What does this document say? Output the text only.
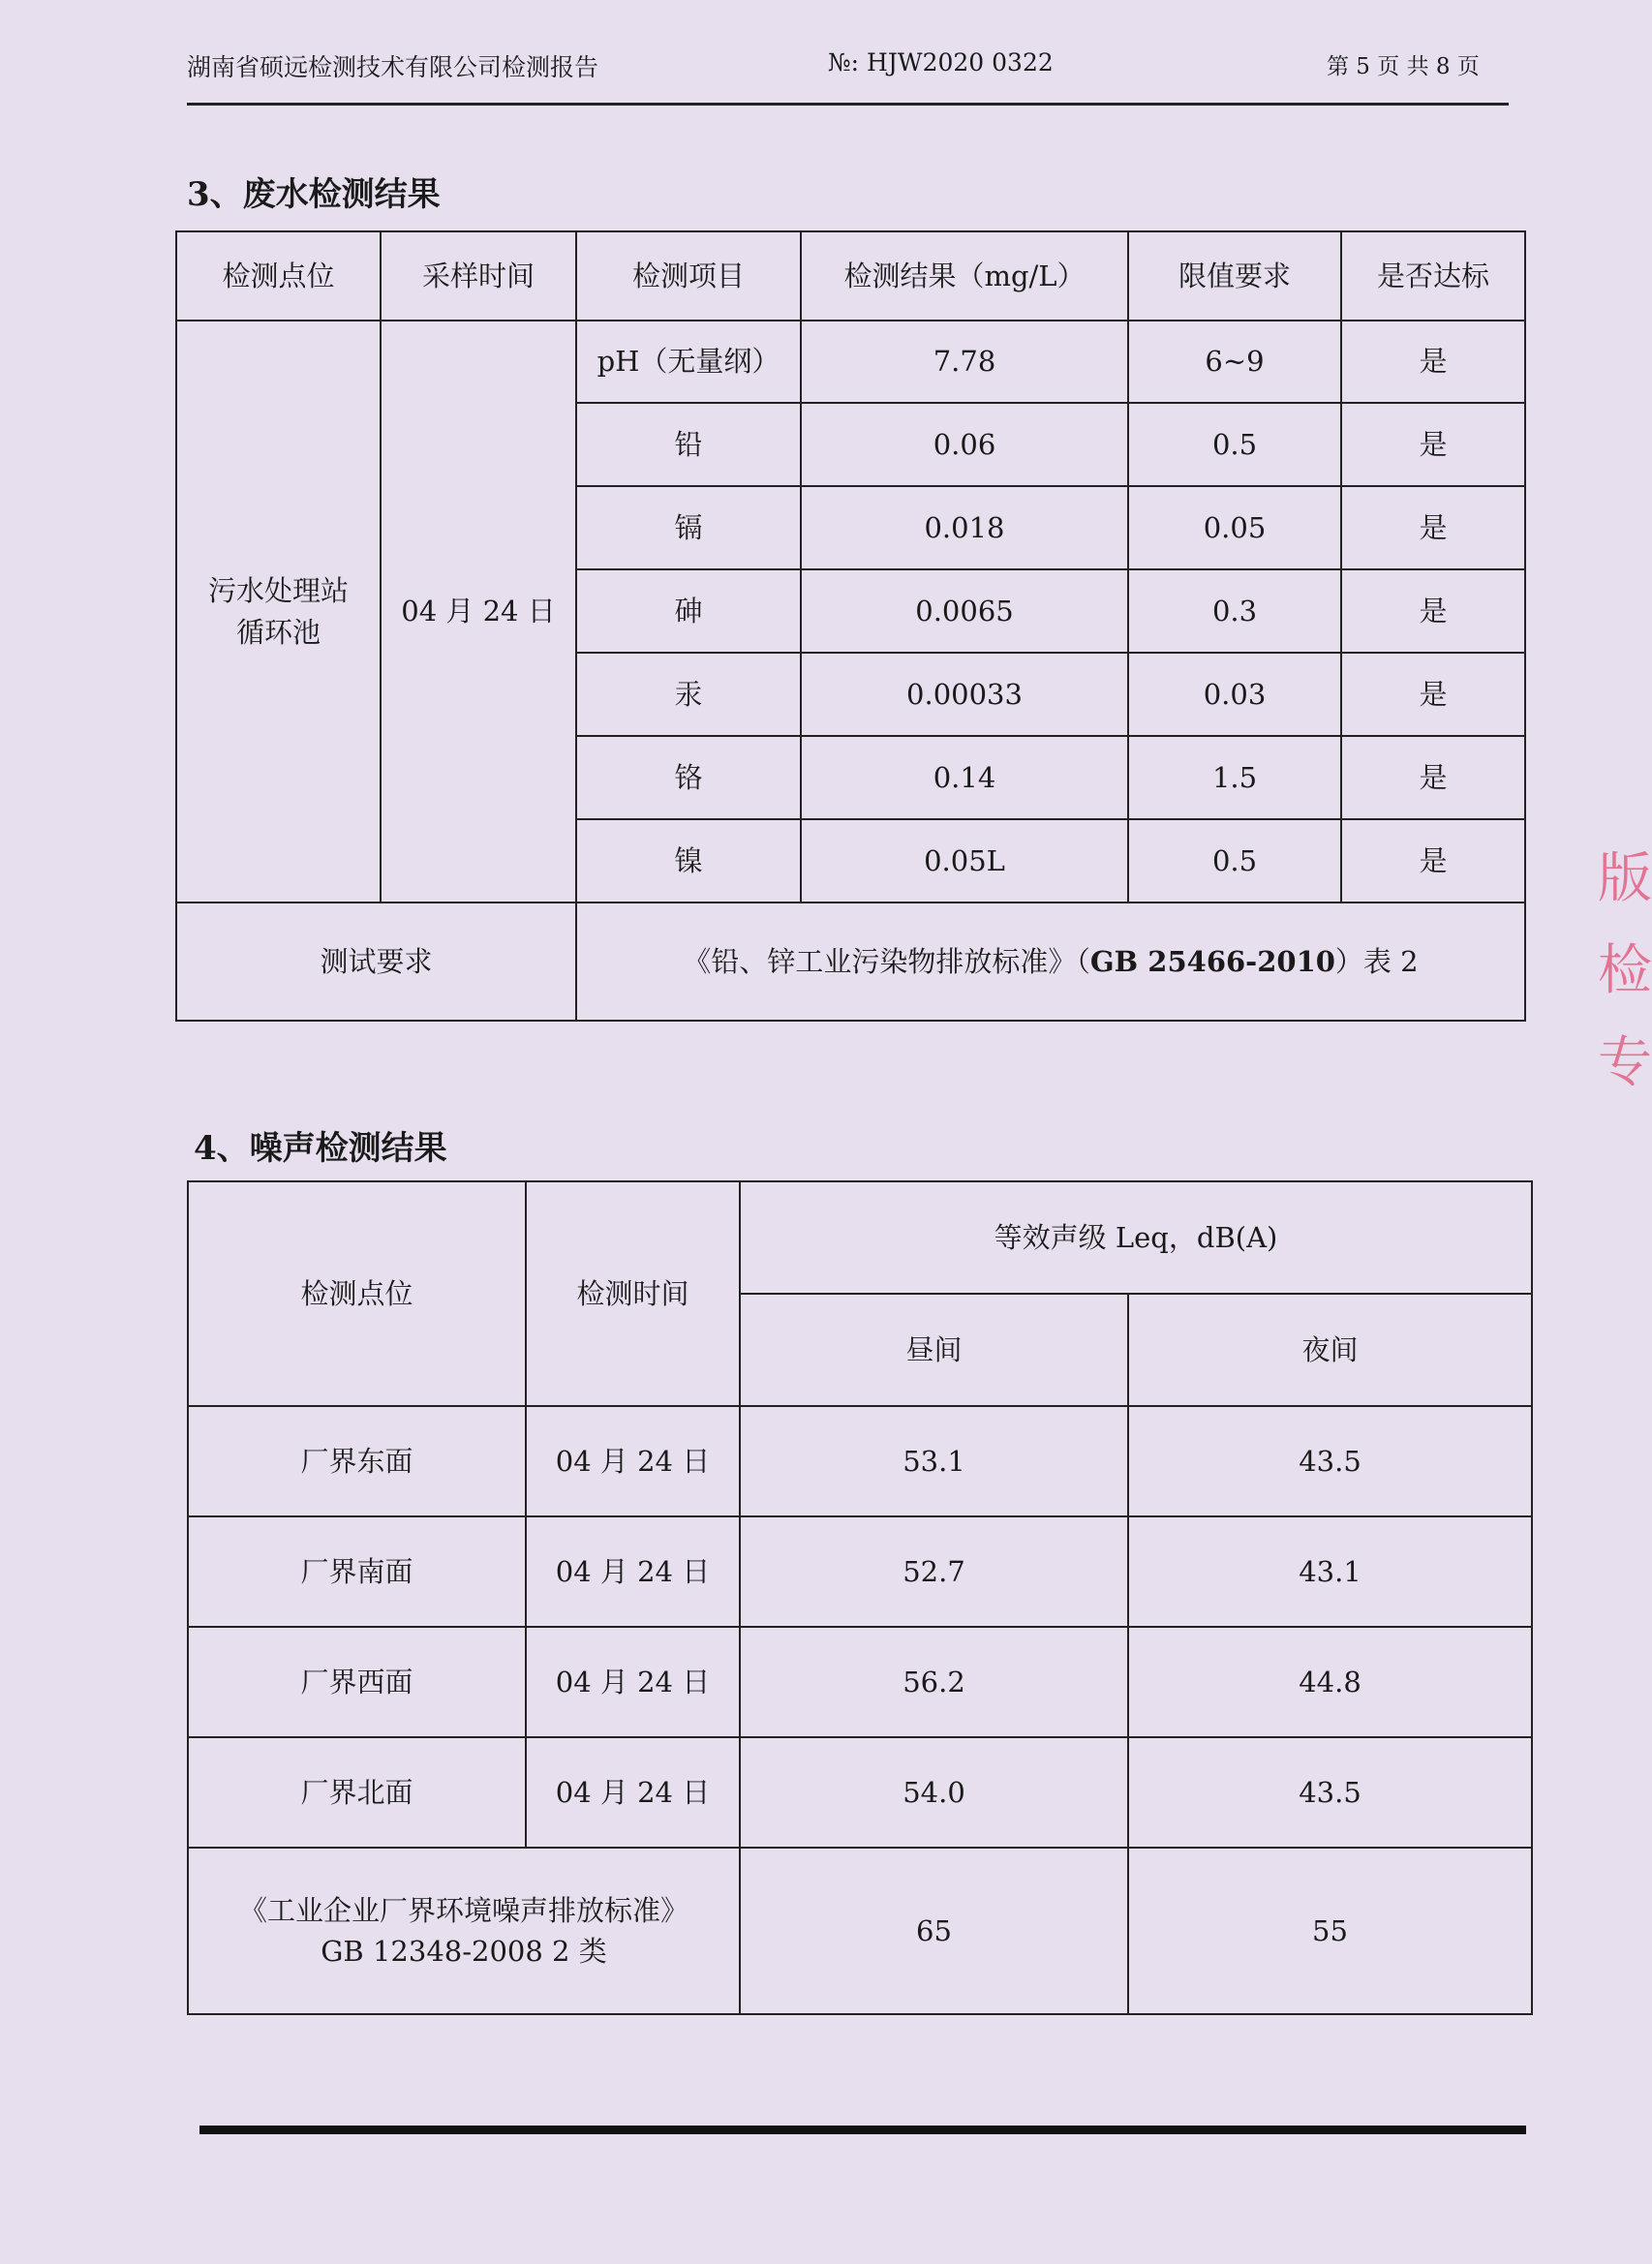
湖南省硕远检测技术有限公司检测报告	№: HJW2020 0322	第 5 页 共 8 页
3、废水检测结果
检测点位	采样时间	检测项目	检测结果（mg/L）	限值要求	是否达标

污水处理站
循环池	04 月 24 日	pH（无量纲）	7.78	6~9	是
		铅	0.06	0.5	是
		镉	0.018	0.05	是
		砷	0.0065	0.3	是
		汞	0.00033	0.03	是
		铬	0.14	1.5	是
		镍	0.05L	0.5	是
测试要求		《铅、锌工业污染物排放标准》（GB 25466-2010）表 2			
4、噪声检测结果
检测点位	检测时间	等效声级 Leq，dB(A)	
		昼间	夜间
厂界东面	04 月 24 日	53.1	43.5
厂界南面	04 月 24 日	52.7	43.1
厂界西面	04 月 24 日	56.2	44.8
厂界北面	04 月 24 日	54.0	43.5

《工业企业厂界环境噪声排放标准》
GB 12348-2008 2 类		65	55
版
检
专
